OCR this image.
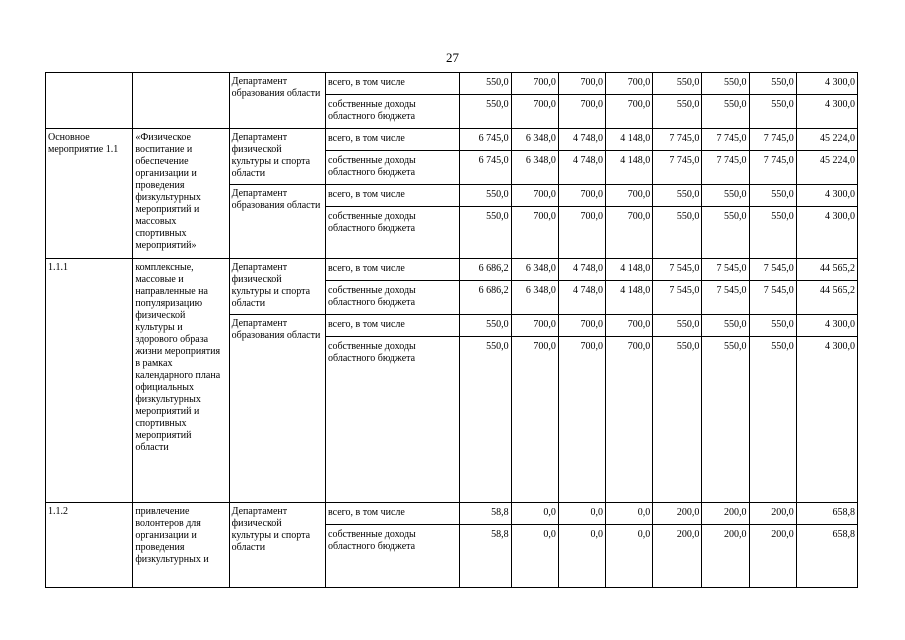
27
		Департамент образования области	всего, в том числе	550,0	700,0	700,0	700,0	550,0	550,0	550,0	4 300,0
			собственные доходы областного бюджета	550,0	700,0	700,0	700,0	550,0	550,0	550,0	4 300,0
Основное мероприятие 1.1	«Физическое воспитание и обеспечение организации и проведения физкультурных мероприятий и массовых спортивных мероприятий»	Департамент физической культуры и спорта области	всего, в том числе	6 745,0	6 348,0	4 748,0	4 148,0	7 745,0	7 745,0	7 745,0	45 224,0
			собственные доходы областного бюджета	6 745,0	6 348,0	4 748,0	4 148,0	7 745,0	7 745,0	7 745,0	45 224,0
		Департамент образования области	всего, в том числе	550,0	700,0	700,0	700,0	550,0	550,0	550,0	4 300,0
			собственные доходы областного бюджета	550,0	700,0	700,0	700,0	550,0	550,0	550,0	4 300,0
1.1.1	комплексные, массовые и направленные на популяризацию физической культуры и здорового образа жизни мероприятия в рамках календарного плана официальных физкультурных мероприятий и спортивных мероприятий области	Департамент физической культуры и спорта области	всего, в том числе	6 686,2	6 348,0	4 748,0	4 148,0	7 545,0	7 545,0	7 545,0	44 565,2
			собственные доходы областного бюджета	6 686,2	6 348,0	4 748,0	4 148,0	7 545,0	7 545,0	7 545,0	44 565,2
		Департамент образования области	всего, в том числе	550,0	700,0	700,0	700,0	550,0	550,0	550,0	4 300,0
			собственные доходы областного бюджета	550,0	700,0	700,0	700,0	550,0	550,0	550,0	4 300,0
1.1.2	привлечение волонтеров для организации и проведения физкультурных и	Департамент физической культуры и спорта области	всего, в том числе	58,8	0,0	0,0	0,0	200,0	200,0	200,0	658,8
			собственные доходы областного бюджета	58,8	0,0	0,0	0,0	200,0	200,0	200,0	658,8
